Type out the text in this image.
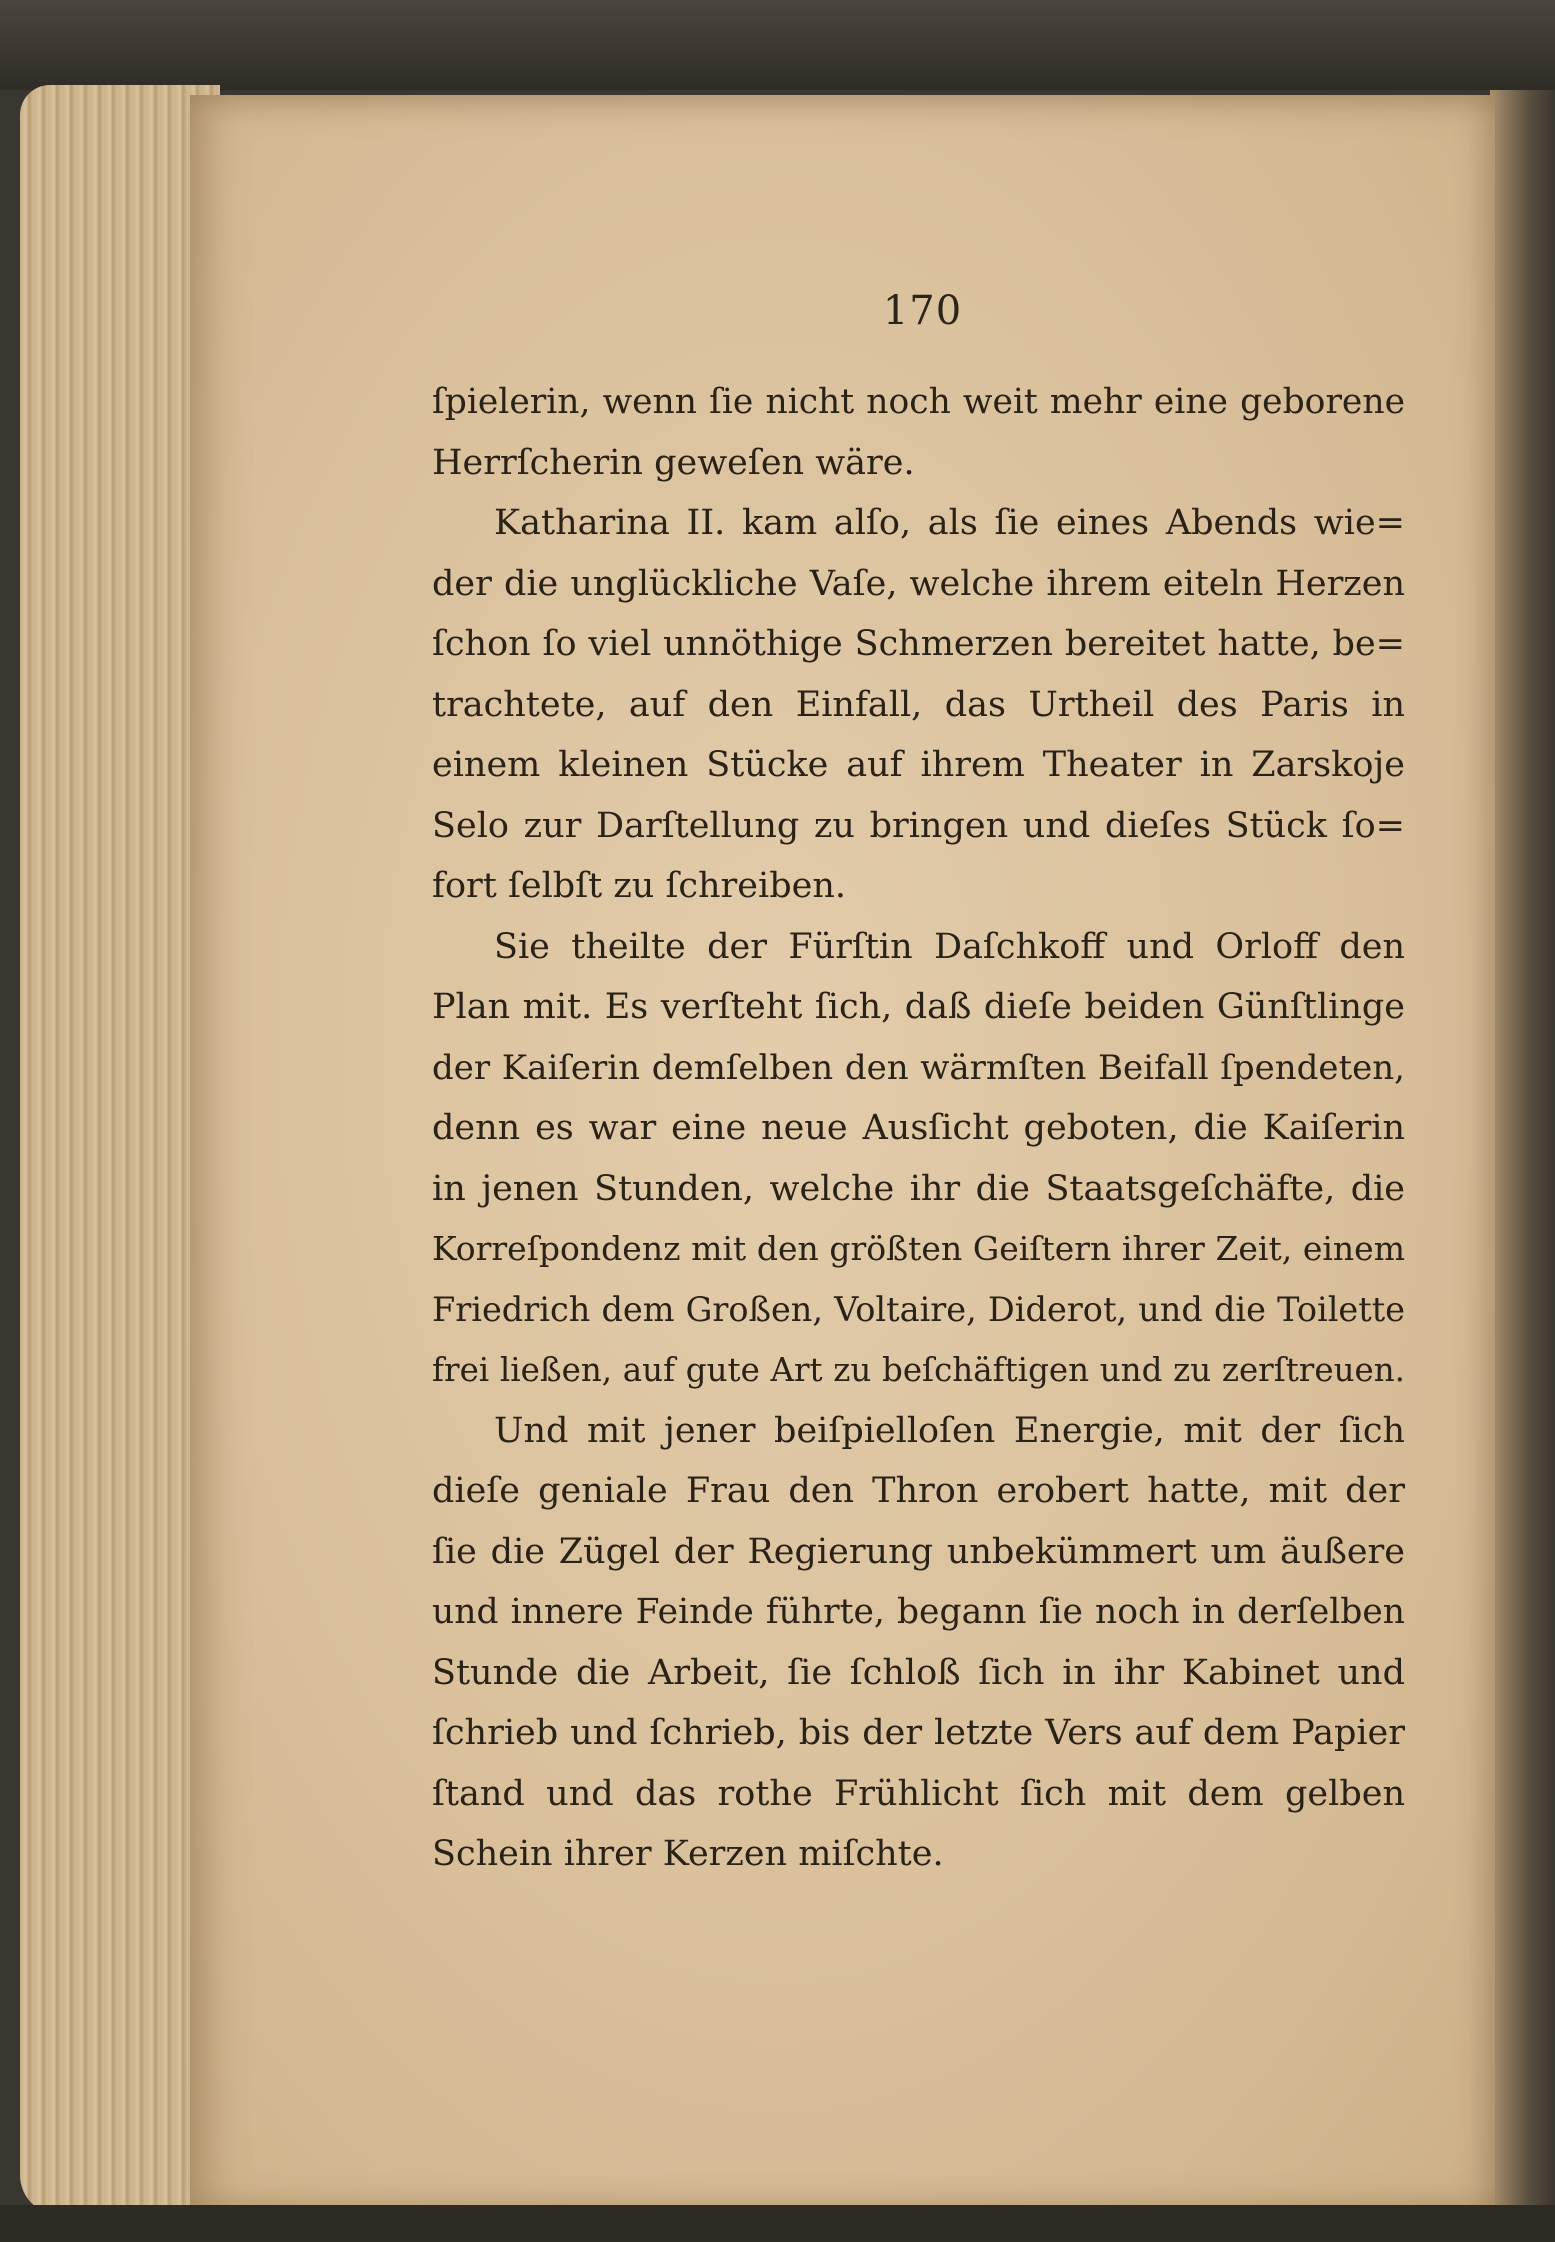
170
ſpielerin, wenn ſie nicht noch weit mehr eine geborene
Herrſcherin geweſen wäre.
Katharina II. kam alſo, als ſie eines Abends wie=
der die unglückliche Vaſe, welche ihrem eiteln Herzen
ſchon ſo viel unnöthige Schmerzen bereitet hatte, be=
trachtete, auf den Einfall, das Urtheil des Paris in
einem kleinen Stücke auf ihrem Theater in Zarskoje
Selo zur Darſtellung zu bringen und dieſes Stück ſo=
fort ſelbſt zu ſchreiben.
Sie theilte der Fürſtin Daſchkoff und Orloff den
Plan mit. Es verſteht ſich, daß dieſe beiden Günſtlinge
der Kaiſerin demſelben den wärmſten Beifall ſpendeten,
denn es war eine neue Ausſicht geboten, die Kaiſerin
in jenen Stunden, welche ihr die Staatsgeſchäfte, die
Korreſpondenz mit den größten Geiſtern ihrer Zeit, einem
Friedrich dem Großen, Voltaire, Diderot, und die Toilette
frei ließen, auf gute Art zu beſchäftigen und zu zerſtreuen.
Und mit jener beiſpielloſen Energie, mit der ſich
dieſe geniale Frau den Thron erobert hatte, mit der
ſie die Zügel der Regierung unbekümmert um äußere
und innere Feinde führte, begann ſie noch in derſelben
Stunde die Arbeit, ſie ſchloß ſich in ihr Kabinet und
ſchrieb und ſchrieb, bis der letzte Vers auf dem Papier
ſtand und das rothe Frühlicht ſich mit dem gelben
Schein ihrer Kerzen miſchte.
